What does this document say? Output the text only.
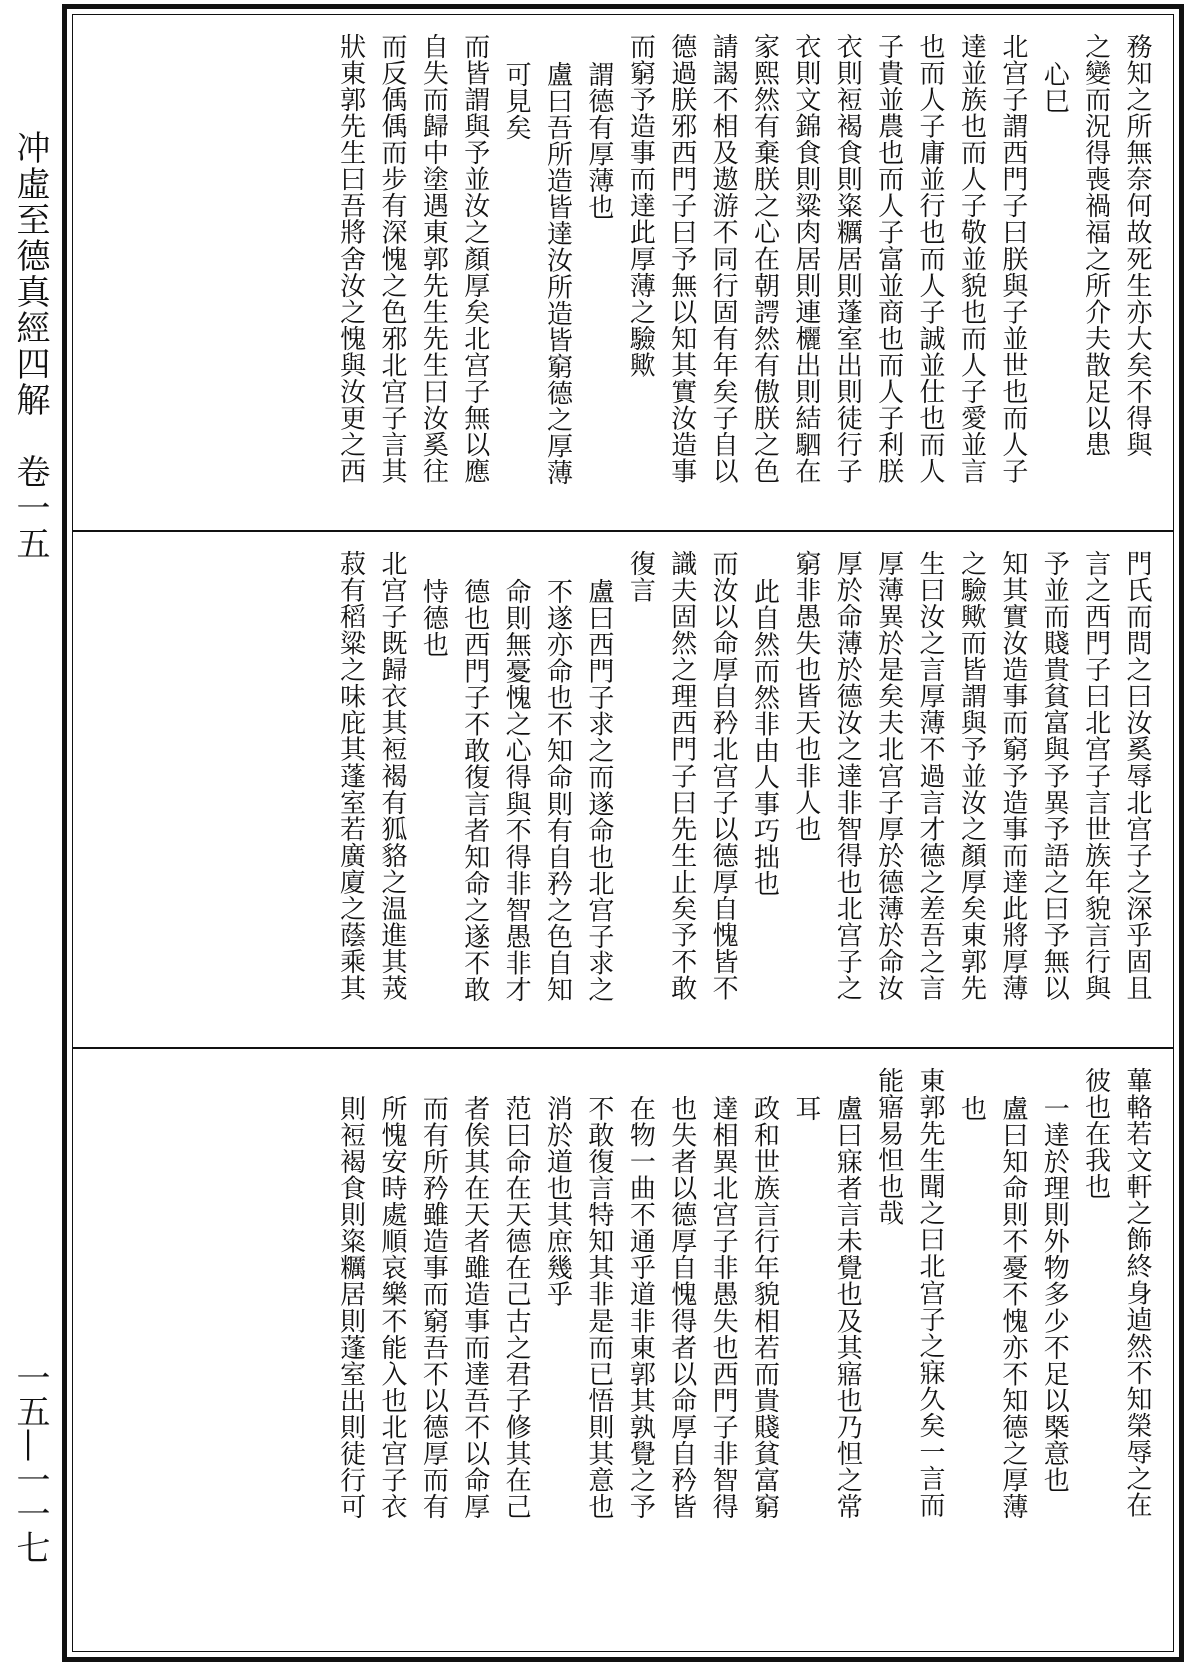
冲虛至德真經四解　卷一五
一五—一一七
務知之所無奈何故死生亦大矣不得與
之變而況得喪禍福之所介夫㪚足以患
心巳
北宫子謂西門子曰朕與子並世也而人子
達並族也而人子敬並貌也而人子愛並言
也而人子庸並行也而人子誠並仕也而人
子貴並農也而人子富並商也而人子利朕
衣則裋褐食則粢糲居則蓬室出則徒行子
衣則文錦食則粱肉居則連欐出則結駟在
家熙然有棄朕之心在朝諤然有傲朕之色
請謁不相及遨游不同行固有年矣子自以
德過朕邪西門子曰予無以知其實汝造事
而窮予造事而達此厚薄之驗歟
謂德有厚薄也
盧曰吾所造皆達汝所造皆窮德之厚薄
可見矣
而皆謂與予並汝之顏厚矣北宫子無以應
自失而歸中塗遇東郭先生先生曰汝奚往
而反偊偊而步有深愧之色邪北宫子言其
狀東郭先生曰吾將舍汝之愧與汝更之西
門氏而問之曰汝奚辱北宫子之深乎固且
言之西門子曰北宫子言世族年貌言行與
予並而賤貴貧富與予異予語之曰予無以
知其實汝造事而窮予造事而達此將厚薄
之驗歟而皆謂與予並汝之顏厚矣東郭先
生曰汝之言厚薄不過言才德之差吾之言
厚薄異於是矣夫北宫子厚於德薄於命汝
厚於命薄於德汝之達非智得也北宫子之
窮非愚失也皆天也非人也
此自然而然非由人事巧拙也
而汝以命厚自矜北宫子以德厚自愧皆不
識夫固然之理西門子曰先生止矣予不敢
復言
盧曰西門子求之而遂命也北宫子求之
不遂亦命也不知命則有自矜之色自知
命則無憂愧之心得與不得非智愚非才
德也西門子不敢復言者知命之遂不敢
恃德也
北宫子既歸衣其裋褐有狐貉之温進其茙
菽有稻粱之味庇其蓬室若廣廈之蔭乘其
蓽輅若文軒之飾終身逌然不知榮辱之在
彼也在我也
一達於理則外物多少不足以槩意也
盧曰知命則不憂不愧亦不知德之厚薄
也
東郭先生聞之曰北宫子之寐久矣一言而
能寤易怛也哉
盧曰寐者言未覺也及其寤也乃怛之常
耳
政和世族言行年貌相若而貴賤貧富窮
達相異北宫子非愚失也西門子非智得
也失者以德厚自愧得者以命厚自矜皆
在物一曲不通乎道非東郭其孰覺之予
不敢復言特知其非是而已悟則其意也
消於道也其庶幾乎
范曰命在天德在己古之君子修其在己
者俟其在天者雖造事而達吾不以命厚
而有所矜雖造事而窮吾不以德厚而有
所愧安時處順哀樂不能入也北宫子衣
則裋褐食則粢糲居則蓬室出則徒行可
